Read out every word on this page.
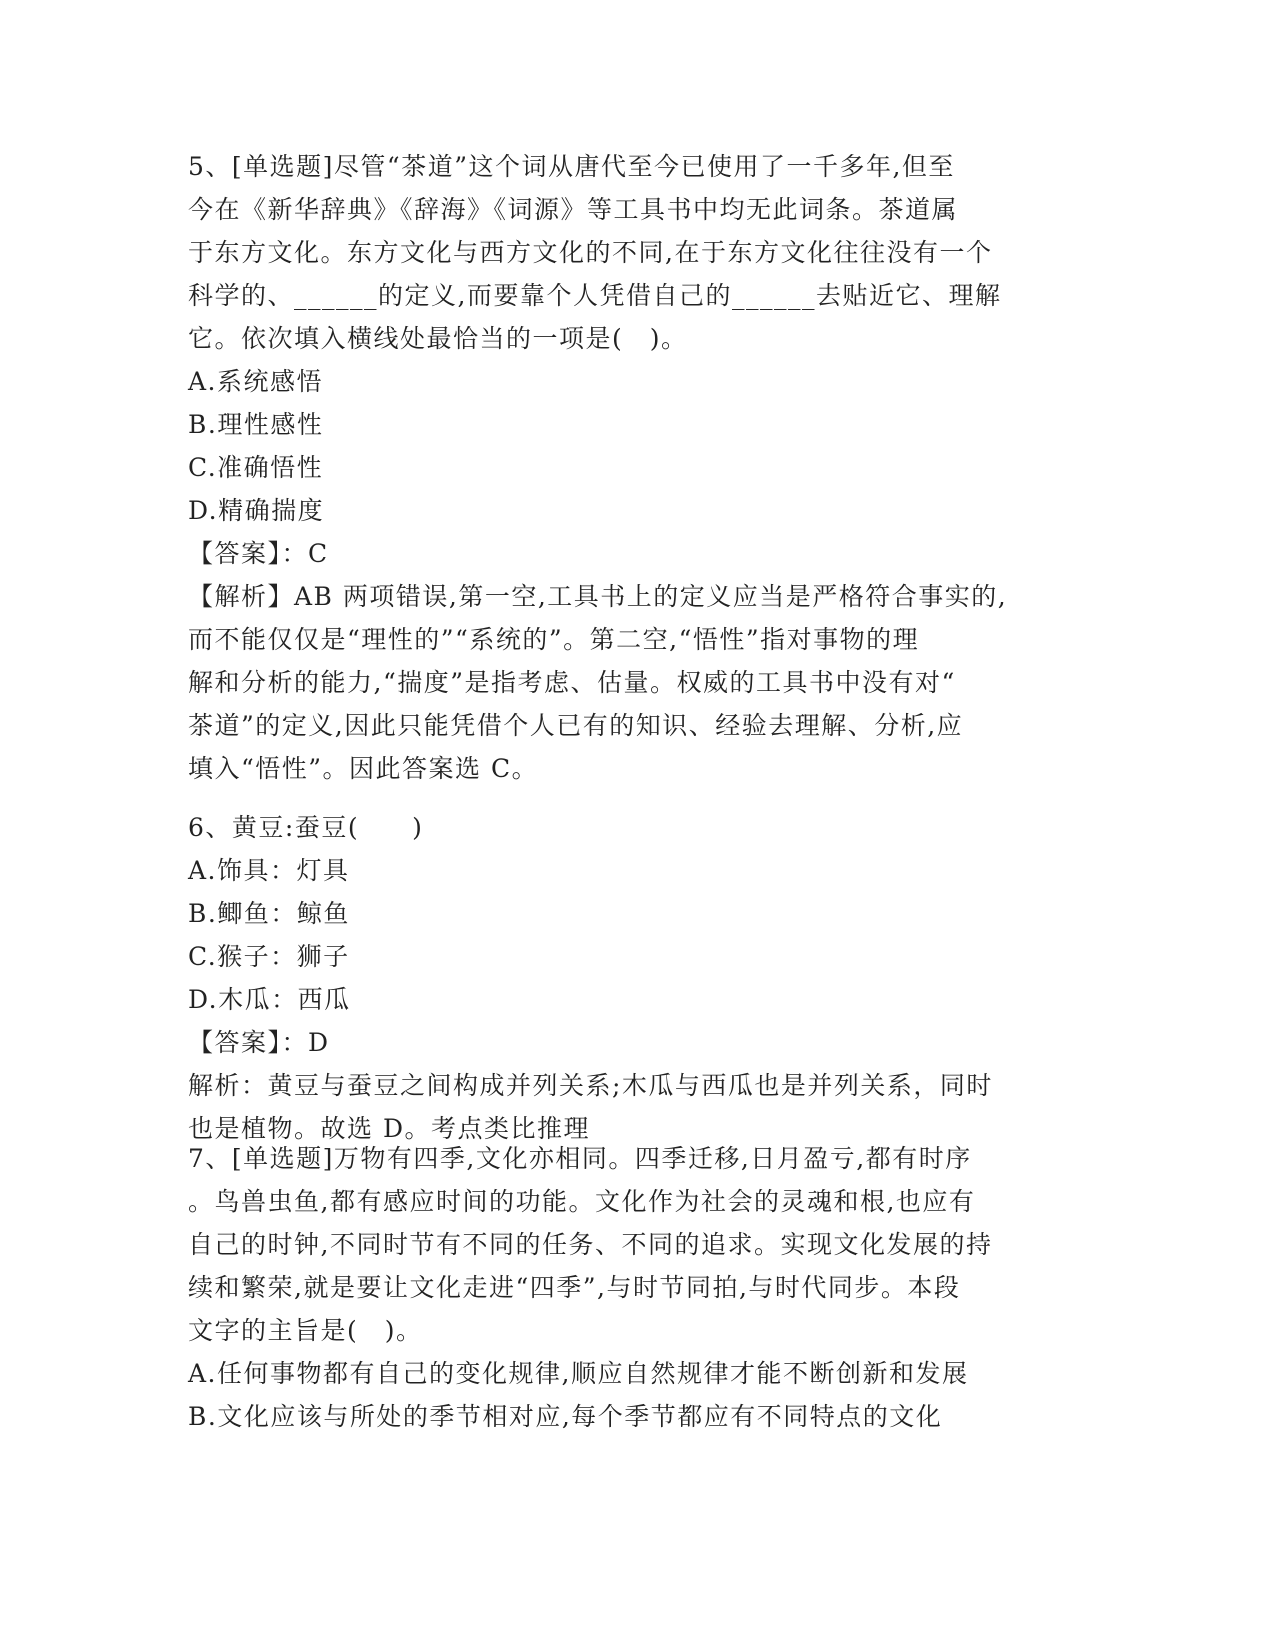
5、[单选题]尽管“茶道”这个词从唐代至今已使用了一千多年,但至
今在《新华辞典》《辞海》《词源》等工具书中均无此词条。茶道属
于东方文化。东方文化与西方文化的不同,在于东方文化往往没有一个
科学的、______的定义,而要靠个人凭借自己的______去贴近它、理解
它。依次填入横线处最恰当的一项是(　)。
A.系统感悟
B.理性感性
C.准确悟性
D.精确揣度
【答案】：C
【解析】AB 两项错误,第一空,工具书上的定义应当是严格符合事实的,
而不能仅仅是“理性的”“系统的”。第二空,“悟性”指对事物的理
解和分析的能力,“揣度”是指考虑、估量。权威的工具书中没有对“
茶道”的定义,因此只能凭借个人已有的知识、经验去理解、分析,应
填入“悟性”。因此答案选 C。
6、黄豆:蚕豆(　　)
A.饰具：灯具
B.鲫鱼：鲸鱼
C.猴子：狮子
D.木瓜：西瓜
【答案】：D
解析：黄豆与蚕豆之间构成并列关系;木瓜与西瓜也是并列关系，同时
也是植物。故选 D。考点类比推理
7、[单选题]万物有四季,文化亦相同。四季迁移,日月盈亏,都有时序
。鸟兽虫鱼,都有感应时间的功能。文化作为社会的灵魂和根,也应有
自己的时钟,不同时节有不同的任务、不同的追求。实现文化发展的持
续和繁荣,就是要让文化走进“四季”,与时节同拍,与时代同步。本段
文字的主旨是(　)。
A.任何事物都有自己的变化规律,顺应自然规律才能不断创新和发展
B.文化应该与所处的季节相对应,每个季节都应有不同特点的文化
